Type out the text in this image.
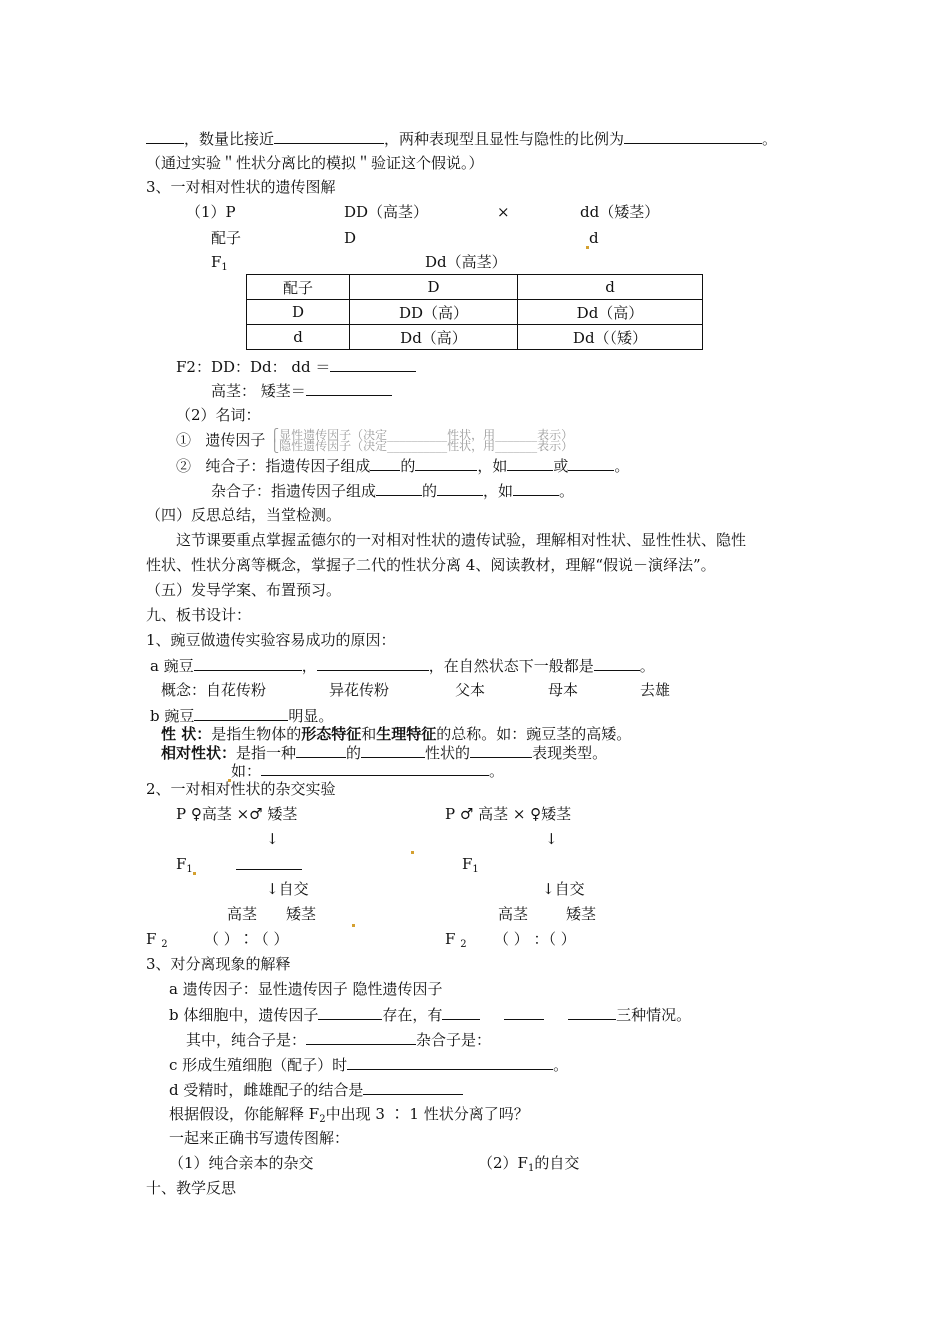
，数量比接近	，两种表现型且显性与隐性的比例为	。
（通过实验＂性状分离比的模拟＂验证这个假说。）
3、一对相对性状的遗传图解
（1）P	DD（高茎）	×	dd（矮茎）
配子	D	d
$F_1$	Dd（高茎）
配子	D	d
D	DD（高）	Dd（高）
d	Dd（高）	Dd（（矮）
F2：DD：Dd： dd ＝
高茎： 矮茎＝
（2）名词：
① 遗传因子 ⎧显性遗传因子（决定__________性状，用_______表示）
⎩隐性遗传因子（决定__________性状，用_______表示）
② 纯合子：指遗传因子组成 的	，如	或	。
杂合子：指遗传因子组成	的	，如	。
（四）反思总结，当堂检测。
这节课要重点掌握孟德尔的一对相对性状的遗传试验，理解相对性状、显性性状、隐性
性状、性状分离等概念，掌握子二代的性状分离 4、阅读教材，理解“假说－演绎法”。
（五）发导学案、布置预习。
九、板书设计：
1、豌豆做遗传实验容易成功的原因：
a 豌豆	，	，在自然状态下一般都是	。
概念：自花传粉	异花传粉	父本	母本	去雄
b 豌豆	明显。
性 状：是指生物体的形态特征和生理特征的总称。如：豌豆茎的高矮。
相对性状：是指一种	的	性状的	表现类型。
如：	。
2、一对相对性状的杂交实验
P ♀高茎 ×♂ 矮茎	P ♂ 高茎 × ♀矮茎
↓	↓
$F_1$	$F_1$
↓自交	↓自交
高茎 矮茎	高茎	矮茎
F $_2$ （ ）∶（ ）	F $_2$ （ ） ：（ ）
3、对分离现象的解释
a 遗传因子：显性遗传因子 隐性遗传因子
b 体细胞中，遗传因子	存在，有	三种情况。
其中，纯合子是：	杂合子是：
c 形成生殖细胞（配子）时	。
d 受精时，雌雄配子的结合是
根据假设，你能解释 $F_2$中出现 3 ∶ 1 性状分离了吗？
一起来正确书写遗传图解：
（1）纯合亲本的杂交	$(2)F_1$的自交
十、教学反思
